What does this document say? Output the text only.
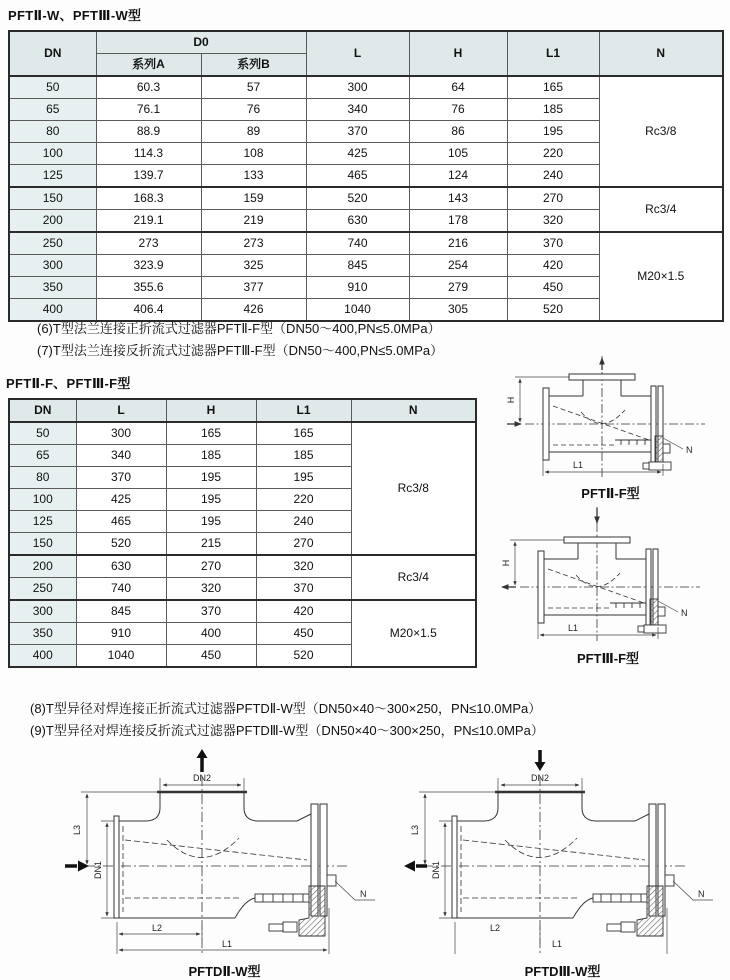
PFTⅡ-W、PFTⅢ-W型
DN	D0		L	H	L1	N
	系列A	系列B				
50	60.3	57	300	64	165	Rc3/8
65	76.1	76	340	76	185	
80	88.9	89	370	86	195	
100	114.3	108	425	105	220	
125	139.7	133	465	124	240	
150	168.3	159	520	143	270	Rc3/4
200	219.1	219	630	178	320	
250	273	273	740	216	370	M20×1.5
300	323.9	325	845	254	420	
350	355.6	377	910	279	450	
400	406.4	426	1040	305	520	
(6)T型法兰连接正折流式过滤器PFTⅡ-F型（DN50～400,PN≤5.0MPa）
(7)T型法兰连接反折流式过滤器PFTⅢ-F型（DN50～400,PN≤5.0MPa）
PFTⅡ-F、PFTⅢ-F型
DN	L	H	L1	N
50	300	165	165	Rc3/8
65	340	185	185	
80	370	195	195	
100	425	195	220	
125	465	195	240	
150	520	215	270	
200	630	270	320	Rc3/4
250	740	320	370	
300	845	370	420	M20×1.5
350	910	400	450	
400	1040	450	520	
H
L1
N
PFTⅡ-F型
H
L1
N
PFTⅢ-F型
(8)T型异径对焊连接正折流式过滤器PFTDⅡ-W型（DN50×40～300×250，PN≤10.0MPa）
(9)T型异径对焊连接反折流式过滤器PFTDⅢ-W型（DN50×40～300×250，PN≤10.0MPa）
DN2
L3
DN1
L2
L1
N
PFTDⅡ-W型
DN2
L3
DN1
L2
L1
N
PFTDⅢ-W型
